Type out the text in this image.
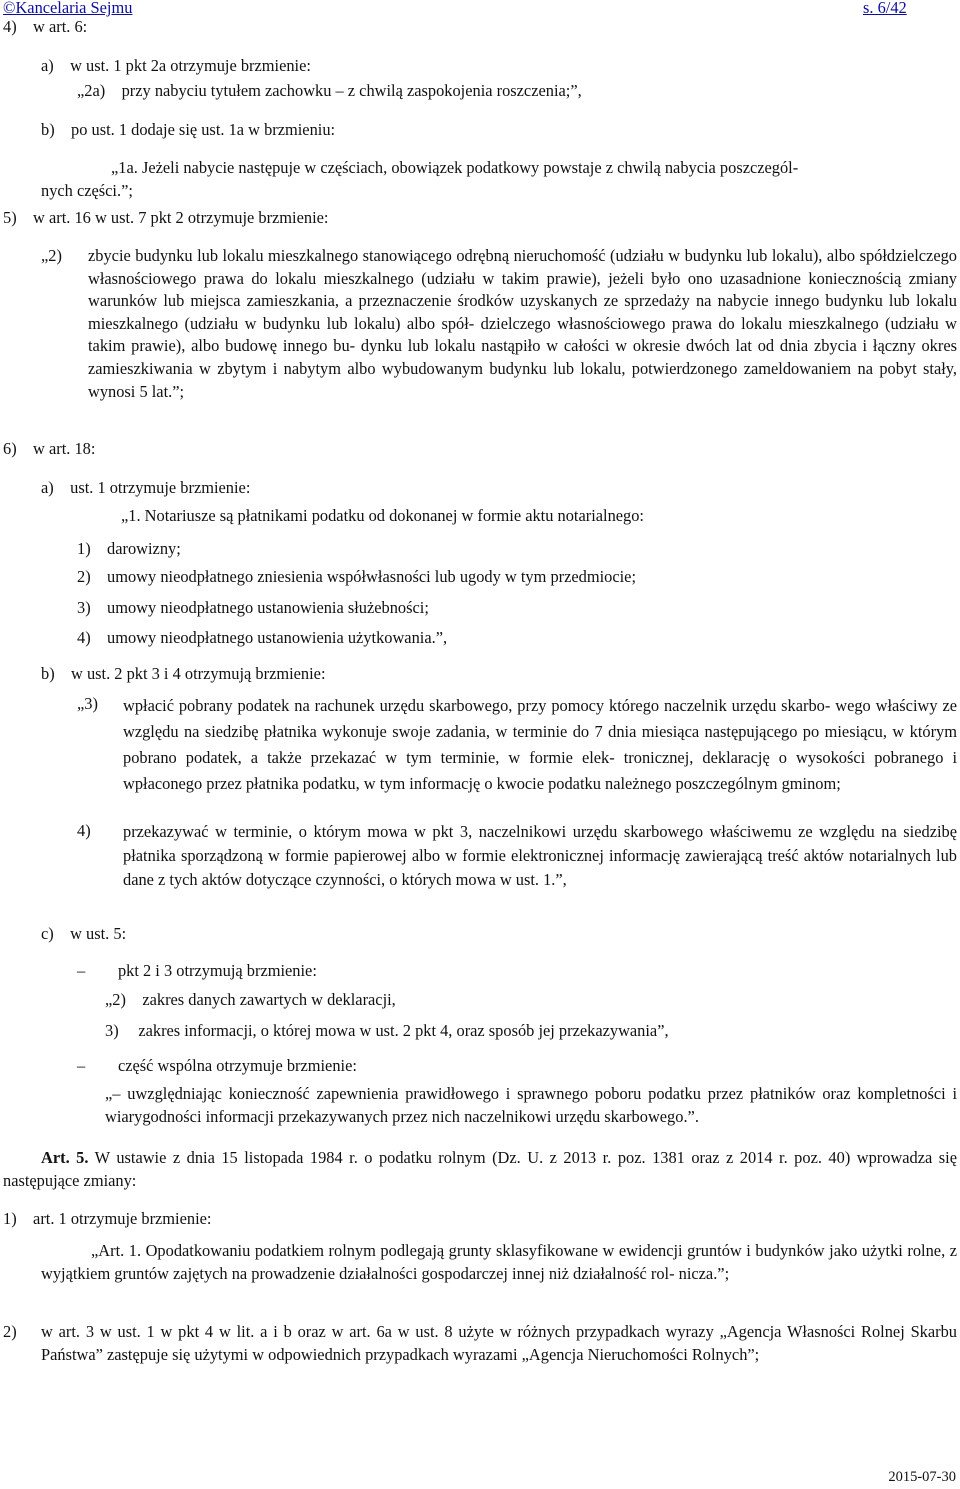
©Kancelaria Sejmu	s. 6/42
4) w art. 6:
a) w ust. 1 pkt 2a otrzymuje brzmienie:
„2a) przy nabyciu tytułem zachowku – z chwilą zaspokojenia roszczenia;”,
b) po ust. 1 dodaje się ust. 1a w brzmieniu:
„1a. Jeżeli nabycie następuje w częściach, obowiązek podatkowy powstaje z chwilą nabycia poszczegól-
nych części.”;
5) w art. 16 w ust. 7 pkt 2 otrzymuje brzmienie:
„2) zbycie budynku lub lokalu mieszkalnego stanowiącego odrębną nieruchomość (udziału w budynku lub lokalu), albo spółdzielczego własnościowego prawa do lokalu mieszkalnego (udziału w takim prawie), jeżeli było ono uzasadnione koniecznością zmiany warunków lub miejsca zamieszkania, a przeznaczenie środków uzyskanych ze sprzedaży na nabycie innego budynku lub lokalu mieszkalnego (udziału w budynku lub lokalu) albo spół- dzielczego własnościowego prawa do lokalu mieszkalnego (udziału w takim prawie), albo budowę innego bu- dynku lub lokalu nastąpiło w całości w okresie dwóch lat od dnia zbycia i łączny okres zamieszkiwania w zbytym i nabytym albo wybudowanym budynku lub lokalu, potwierdzonego zameldowaniem na pobyt stały, wynosi 5 lat.”;
6) w art. 18:
a) ust. 1 otrzymuje brzmienie:
„1. Notariusze są płatnikami podatku od dokonanej w formie aktu notarialnego:
1) darowizny;
2) umowy nieodpłatnego zniesienia współwłasności lub ugody w tym przedmiocie;
3) umowy nieodpłatnego ustanowienia służebności;
4) umowy nieodpłatnego ustanowienia użytkowania.”,
b) w ust. 2 pkt 3 i 4 otrzymują brzmienie:
„3) wpłacić pobrany podatek na rachunek urzędu skarbowego, przy pomocy którego naczelnik urzędu skarbo- wego właściwy ze względu na siedzibę płatnika wykonuje swoje zadania, w terminie do 7 dnia miesiąca następującego po miesiącu, w którym pobrano podatek, a także przekazać w tym terminie, w formie elek- tronicznej, deklarację o wysokości pobranego i wpłaconego przez płatnika podatku, w tym informację o kwocie podatku należnego poszczególnym gminom;
4) przekazywać w terminie, o którym mowa w pkt 3, naczelnikowi urzędu skarbowego właściwemu ze względu na siedzibę płatnika sporządzoną w formie papierowej albo w formie elektronicznej informację zawierającą treść aktów notarialnych lub dane z tych aktów dotyczące czynności, o których mowa w ust. 1.”,
c) w ust. 5:
–  pkt 2 i 3 otrzymują brzmienie:
„2) zakres danych zawartych w deklaracji,
3)  zakres informacji, o której mowa w ust. 2 pkt 4, oraz sposób jej przekazywania”,
–  część wspólna otrzymuje brzmienie:
„– uwzględniając konieczność zapewnienia prawidłowego i sprawnego poboru podatku przez płatników oraz kompletności i wiarygodności informacji przekazywanych przez nich naczelnikowi urzędu skarbowego.”.
Art. 5. W ustawie z dnia 15 listopada 1984 r. o podatku rolnym (Dz. U. z 2013 r. poz. 1381 oraz z 2014 r. poz. 40) wprowadza się następujące zmiany:
1) art. 1 otrzymuje brzmienie:
„Art. 1. Opodatkowaniu podatkiem rolnym podlegają grunty sklasyfikowane w ewidencji gruntów i budynków jako użytki rolne, z wyjątkiem gruntów zajętych na prowadzenie działalności gospodarczej innej niż działalność rol- nicza.”;
2) w art. 3 w ust. 1 w pkt 4 w lit. a i b oraz w art. 6a w ust. 8 użyte w różnych przypadkach wyrazy „Agencja Własności Rolnej Skarbu Państwa” zastępuje się użytymi w odpowiednich przypadkach wyrazami „Agencja Nieruchomości Rolnych”;
2015-07-30
